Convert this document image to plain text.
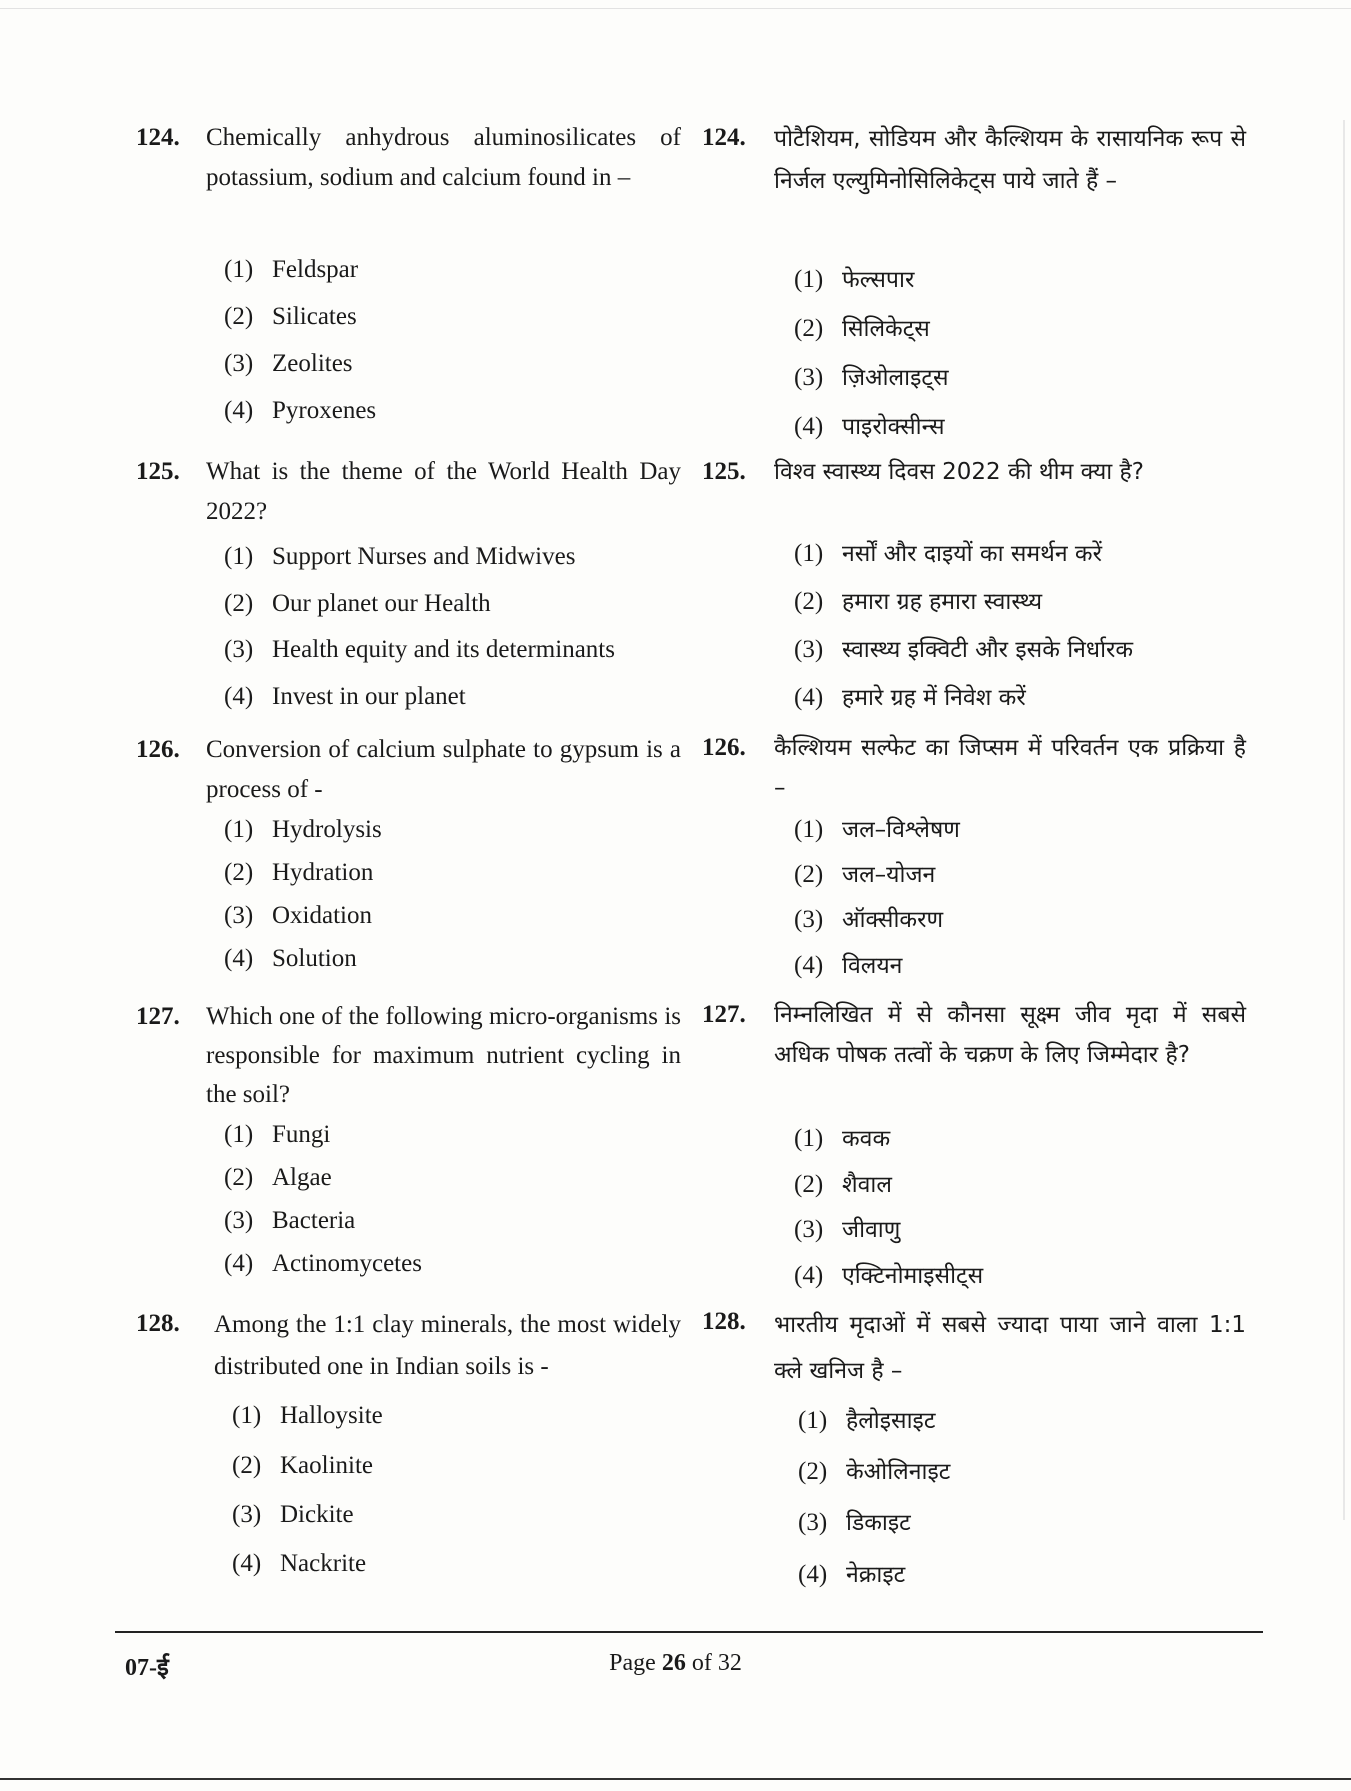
124. Chemically anhydrous aluminosilicates of potassium, sodium and calcium found in –
(1) Feldspar
(2) Silicates
(3) Zeolites
(4) Pyroxenes
124. पोटैशियम, सोडियम और कैल्शियम के रासायनिक रूप से निर्जल एल्युमिनोसिलिकेट्स पाये जाते हैं –
(1) फेल्सपार
(2) सिलिकेट्स
(3) ज़िओलाइट्स
(4) पाइरोक्सीन्स
125. What is the theme of the World Health Day 2022?
(1) Support Nurses and Midwives
(2) Our planet our Health
(3) Health equity and its determinants
(4) Invest in our planet
125. विश्व स्वास्थ्य दिवस 2022 की थीम क्या है?
(1) नर्सों और दाइयों का समर्थन करें
(2) हमारा ग्रह हमारा स्वास्थ्य
(3) स्वास्थ्य इक्विटी और इसके निर्धारक
(4) हमारे ग्रह में निवेश करें
126. Conversion of calcium sulphate to gypsum is a process of -
(1) Hydrolysis
(2) Hydration
(3) Oxidation
(4) Solution
126. कैल्शियम सल्फेट का जिप्सम में परिवर्तन एक प्रक्रिया है –
(1) जल–विश्लेषण
(2) जल–योजन
(3) ऑक्सीकरण
(4) विलयन
127. Which one of the following micro-organisms is responsible for maximum nutrient cycling in the soil?
(1) Fungi
(2) Algae
(3) Bacteria
(4) Actinomycetes
127. निम्नलिखित में से कौनसा सूक्ष्म जीव मृदा में सबसे अधिक पोषक तत्वों के चक्रण के लिए जिम्मेदार है?
(1) कवक
(2) शैवाल
(3) जीवाणु
(4) एक्टिनोमाइसीट्स
128. Among the 1:1 clay minerals, the most widely distributed one in Indian soils is -
(1) Halloysite
(2) Kaolinite
(3) Dickite
(4) Nackrite
128. भारतीय मृदाओं में सबसे ज्यादा पाया जाने वाला 1:1 क्ले खनिज है –
(1) हैलोइसाइट
(2) केओलिनाइट
(3) डिकाइट
(4) नेक्राइट
07-ई	Page 26 of 32
